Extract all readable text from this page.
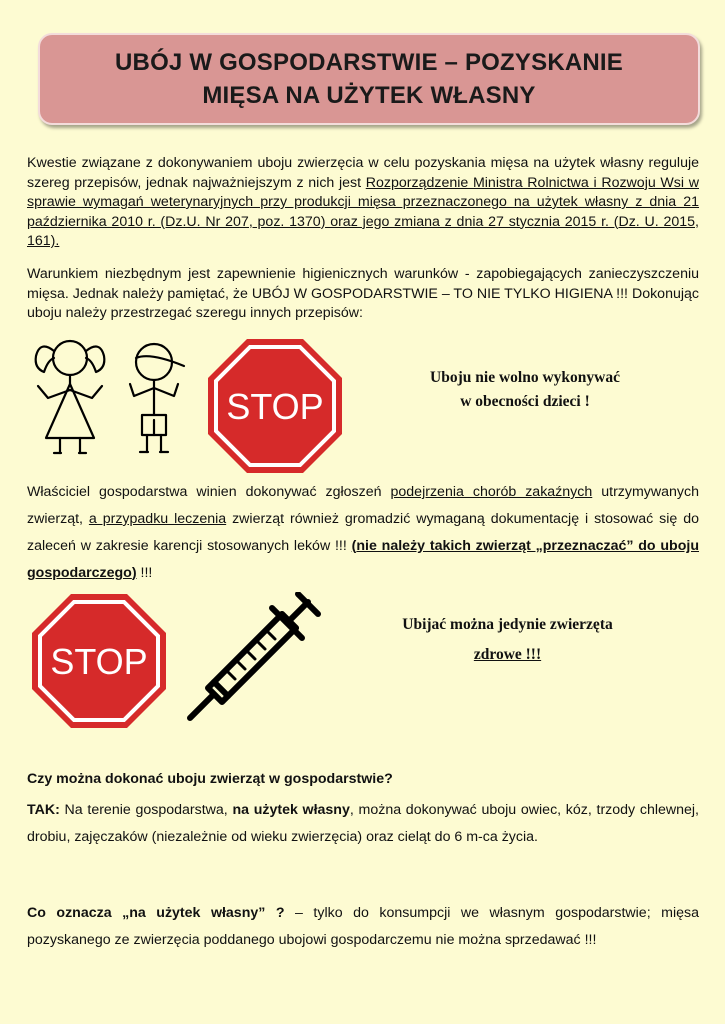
UBÓJ W GOSPODARSTWIE – POZYSKANIE
MIĘSA NA UŻYTEK WŁASNY

Kwestie związane z dokonywaniem uboju zwierzęcia w celu pozyskania mięsa na użytek własny reguluje szereg przepisów, jednak najważniejszym z nich jest Rozporządzenie Ministra Rolnictwa i Rozwoju Wsi w sprawie wymagań weterynaryjnych przy produkcji mięsa przeznaczonego na użytek własny z dnia 21 października 2010 r. (Dz.U. Nr 207, poz. 1370) oraz jego zmiana z dnia 27 stycznia 2015 r. (Dz. U. 2015, 161).

Warunkiem niezbędnym jest zapewnienie higienicznych warunków - zapobiegających zanieczyszczeniu mięsa. Jednak należy pamiętać, że UBÓJ W GOSPODARSTWIE – TO NIE TYLKO HIGIENA !!! Dokonując uboju należy przestrzegać szeregu innych przepisów:

STOP
Uboju nie wolno wykonywać
w obecności dzieci !

Właściciel gospodarstwa winien dokonywać zgłoszeń podejrzenia chorób zakaźnych utrzymywanych zwierząt, a przypadku leczenia zwierząt również gromadzić wymaganą dokumentację i stosować się do zaleceń w zakresie karencji stosowanych leków !!! (nie należy takich zwierząt „przeznaczać” do uboju gospodarczego) !!!

STOP
Ubijać można jedynie zwierzęta
zdrowe !!!

Czy można dokonać uboju zwierząt w gospodarstwie?

TAK: Na terenie gospodarstwa, na użytek własny, można dokonywać uboju owiec, kóz, trzody chlewnej, drobiu, zajęczaków (niezależnie od wieku zwierzęcia) oraz cieląt do 6 m-ca życia.

Co oznacza „na użytek własny” ? – tylko do konsumpcji we własnym gospodarstwie; mięsa pozyskanego ze zwierzęcia poddanego ubojowi gospodarczemu nie można sprzedawać !!!
